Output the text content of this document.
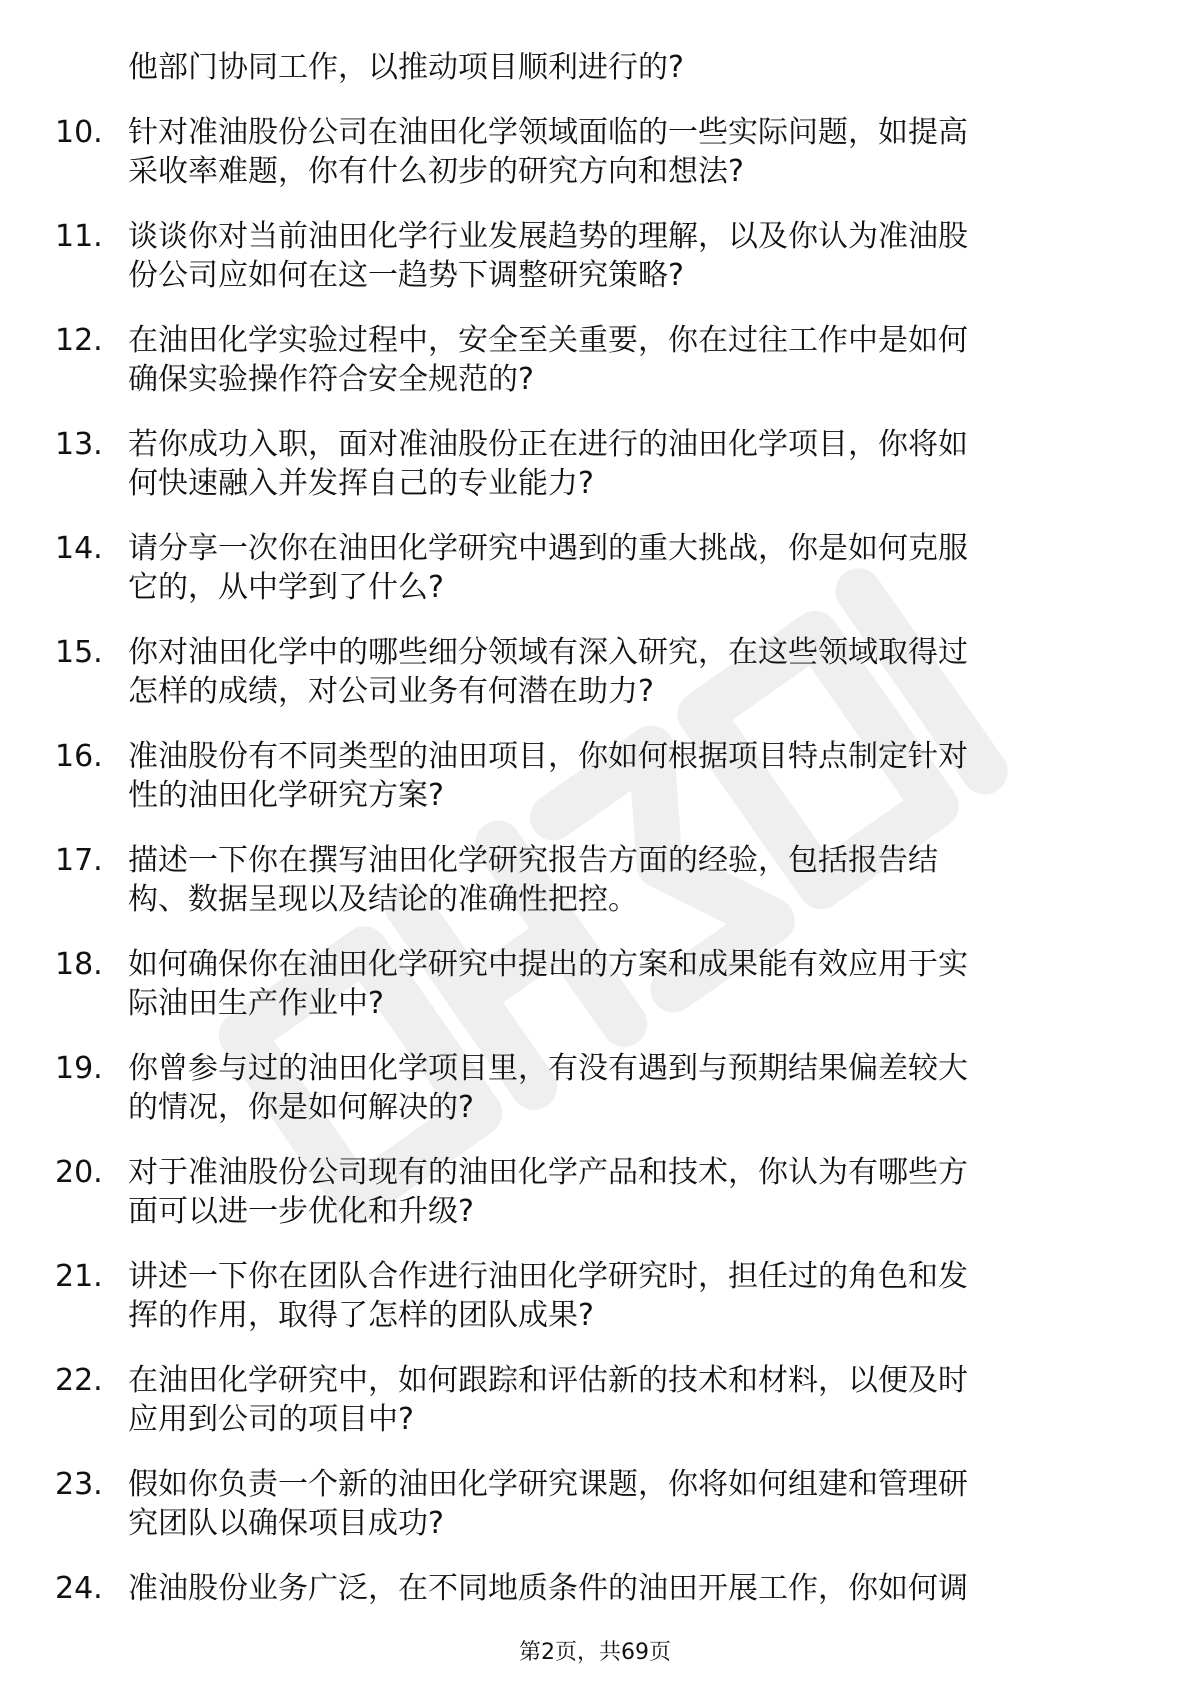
他部门协同工作，以推动项目顺利进行的?
10. 针对准油股份公司在油田化学领域面临的一些实际问题，如提高
采收率难题，你有什么初步的研究方向和想法?
11. 谈谈你对当前油田化学行业发展趋势的理解，以及你认为准油股
份公司应如何在这一趋势下调整研究策略?
12. 在油田化学实验过程中，安全至关重要，你在过往工作中是如何
确保实验操作符合安全规范的?
13. 若你成功入职，面对准油股份正在进行的油田化学项目，你将如
何快速融入并发挥自己的专业能力?
14. 请分享一次你在油田化学研究中遇到的重大挑战，你是如何克服
它的，从中学到了什么?
15. 你对油田化学中的哪些细分领域有深入研究，在这些领域取得过
怎样的成绩，对公司业务有何潜在助力?
16. 准油股份有不同类型的油田项目，你如何根据项目特点制定针对
性的油田化学研究方案?
17. 描述一下你在撰写油田化学研究报告方面的经验，包括报告结
构、数据呈现以及结论的准确性把控。
18. 如何确保你在油田化学研究中提出的方案和成果能有效应用于实
际油田生产作业中?
19. 你曾参与过的油田化学项目里，有没有遇到与预期结果偏差较大
的情况，你是如何解决的?
20. 对于准油股份公司现有的油田化学产品和技术，你认为有哪些方
面可以进一步优化和升级?
21. 讲述一下你在团队合作进行油田化学研究时，担任过的角色和发
挥的作用，取得了怎样的团队成果?
22. 在油田化学研究中，如何跟踪和评估新的技术和材料，以便及时
应用到公司的项目中?
23. 假如你负责一个新的油田化学研究课题，你将如何组建和管理研
究团队以确保项目成功?
24. 准油股份业务广泛，在不同地质条件的油田开展工作，你如何调
第2页，共69页
